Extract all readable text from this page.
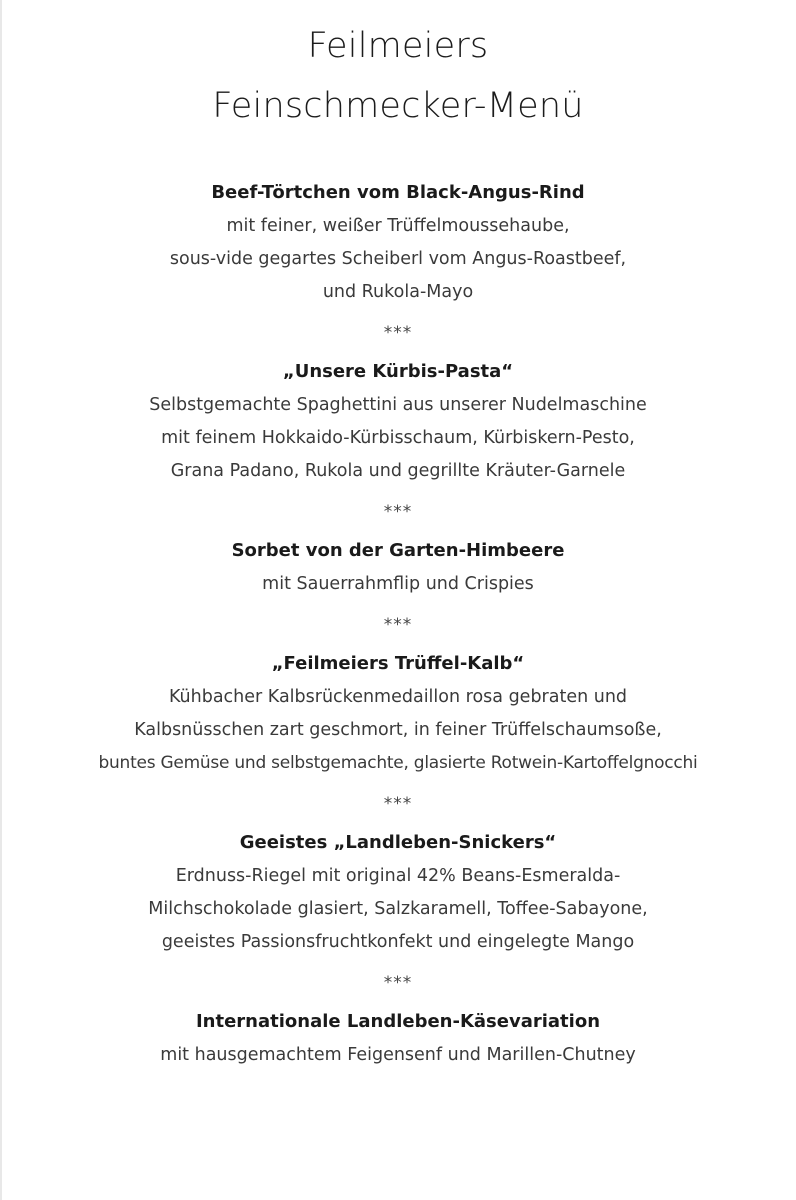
Feilmeiers
Feinschmecker-Menü
Beef-Törtchen vom Black-Angus-Rind
mit feiner, weißer Trüffelmoussehaube,
sous-vide gegartes Scheiberl vom Angus-Roastbeef,
und Rukola-Mayo
***
„Unsere Kürbis-Pasta“
Selbstgemachte Spaghettini aus unserer Nudelmaschine
mit feinem Hokkaido-Kürbisschaum, Kürbiskern-Pesto,
Grana Padano, Rukola und gegrillte Kräuter-Garnele
***
Sorbet von der Garten-Himbeere
mit Sauerrahmflip und Crispies
***
„Feilmeiers Trüffel-Kalb“
Kühbacher Kalbsrückenmedaillon rosa gebraten und
Kalbsnüsschen zart geschmort, in feiner Trüffelschaumsoße,
buntes Gemüse und selbstgemachte, glasierte Rotwein-Kartoffelgnocchi
***
Geeistes „Landleben-Snickers“
Erdnuss-Riegel mit original 42% Beans-Esmeralda-
Milchschokolade glasiert, Salzkaramell, Toffee-Sabayone,
geeistes Passionsfruchtkonfekt und eingelegte Mango
***
Internationale Landleben-Käsevariation
mit hausgemachtem Feigensenf und Marillen-Chutney
